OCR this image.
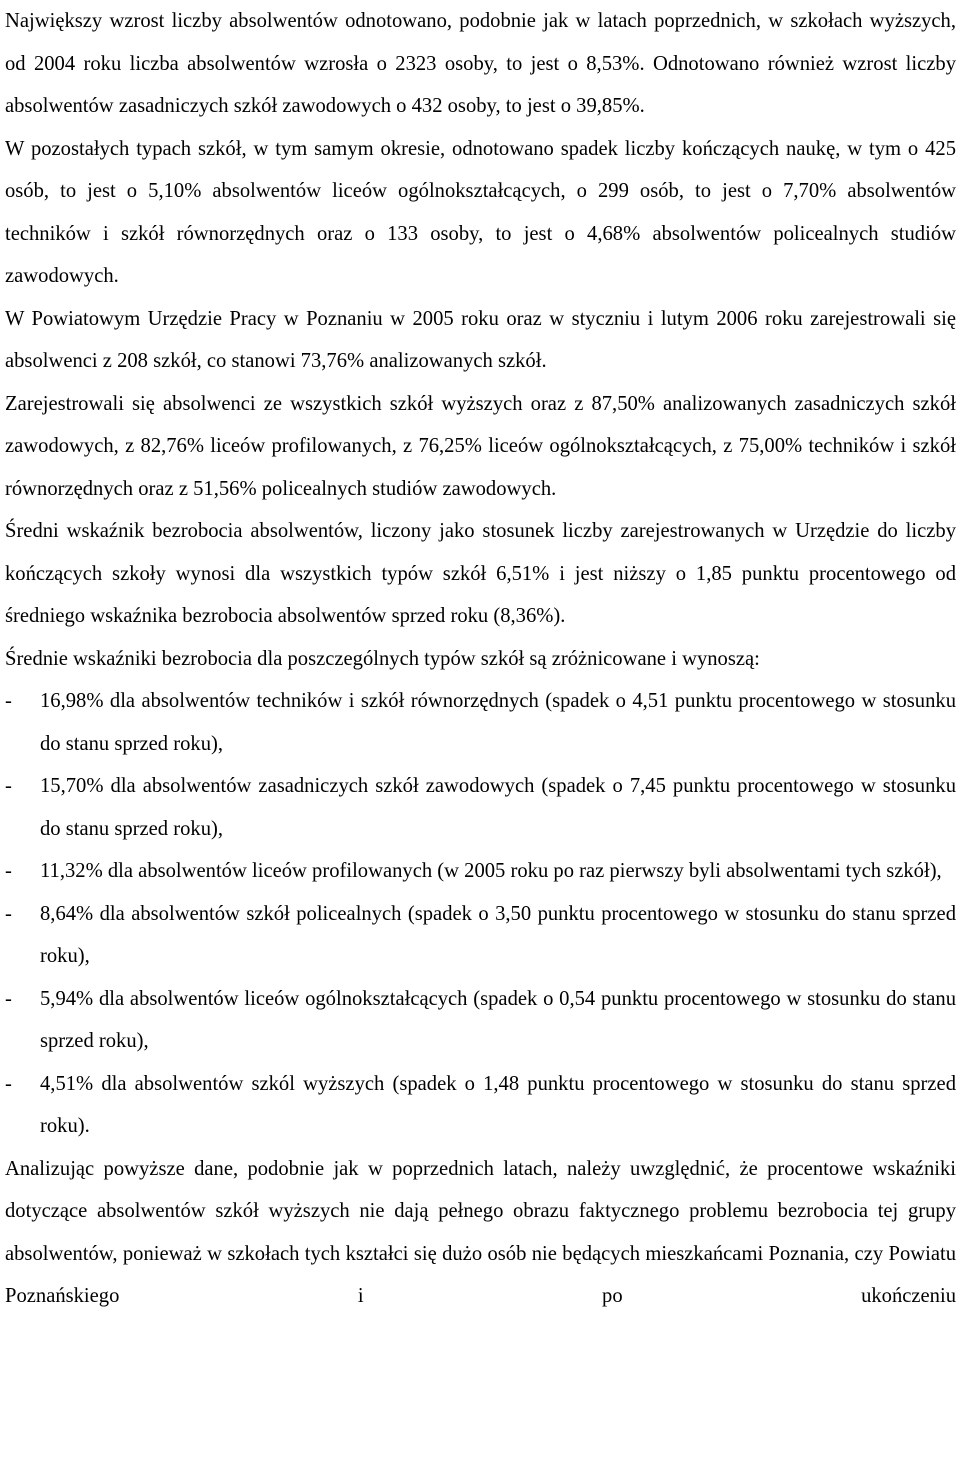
Największy wzrost liczby absolwentów odnotowano, podobnie jak w latach poprzednich, w szkołach wyższych, od 2004 roku liczba absolwentów wzrosła o 2323 osoby, to jest o 8,53%. Odnotowano również wzrost liczby absolwentów zasadniczych szkół zawodowych o 432 osoby, to jest o 39,85%.

W pozostałych typach szkół, w tym samym okresie, odnotowano spadek liczby kończących naukę, w tym o 425 osób, to jest o 5,10% absolwentów liceów ogólnokształcących, o 299 osób, to jest o 7,70% absolwentów techników i szkół równorzędnych oraz o 133 osoby, to jest o 4,68% absolwentów policealnych studiów zawodowych.

W Powiatowym Urzędzie Pracy w Poznaniu w 2005 roku oraz w styczniu i lutym 2006 roku zarejestrowali się absolwenci z 208 szkół, co stanowi 73,76% analizowanych szkół.

Zarejestrowali się absolwenci ze wszystkich szkół wyższych oraz z 87,50% analizowanych zasadniczych szkół zawodowych, z 82,76% liceów profilowanych, z 76,25% liceów ogólnokształcących, z 75,00% techników i szkół równorzędnych oraz z 51,56% policealnych studiów zawodowych.

Średni wskaźnik bezrobocia absolwentów, liczony jako stosunek liczby zarejestrowanych w Urzędzie do liczby kończących szkoły wynosi dla wszystkich typów szkół 6,51% i jest niższy o 1,85 punktu procentowego od średniego wskaźnika bezrobocia absolwentów sprzed roku (8,36%).

Średnie wskaźniki bezrobocia dla poszczególnych typów szkół są zróżnicowane i wynoszą:

- 16,98% dla absolwentów techników i szkół równorzędnych (spadek o 4,51 punktu procentowego w stosunku do stanu sprzed roku),
- 15,70% dla absolwentów zasadniczych szkół zawodowych (spadek o 7,45 punktu procentowego w stosunku do stanu sprzed roku),
- 11,32% dla absolwentów liceów profilowanych (w 2005 roku po raz pierwszy byli absolwentami tych szkół),
- 8,64% dla absolwentów szkół policealnych (spadek o 3,50 punktu procentowego w stosunku do stanu sprzed roku),
- 5,94% dla absolwentów liceów ogólnokształcących (spadek o 0,54 punktu procentowego w stosunku do stanu sprzed roku),
- 4,51% dla absolwentów szkól wyższych (spadek o 1,48 punktu procentowego w stosunku do stanu sprzed roku).

Analizując powyższe dane, podobnie jak w poprzednich latach, należy uwzględnić, że procentowe wskaźniki dotyczące absolwentów szkół wyższych nie dają pełnego obrazu faktycznego problemu bezrobocia tej grupy absolwentów, ponieważ w szkołach tych kształci się dużo osób nie będących mieszkańcami Poznania, czy Powiatu Poznańskiego i po ukończeniu
